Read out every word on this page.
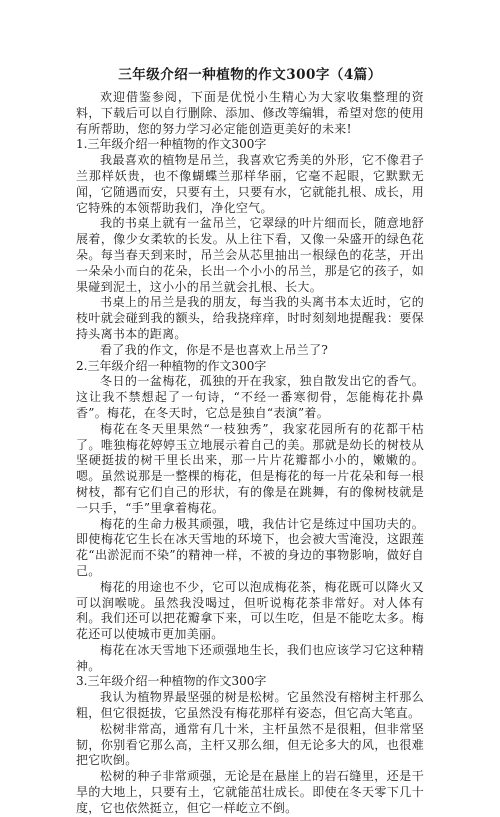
三年级介绍一种植物的作文300字（4篇）

欢迎借鉴参阅，下面是优悦小生精心为大家收集整理的资料，下载后可以自行删除、添加、修改等编辑，希望对您的使用有所帮助，您的努力学习必定能创造更美好的未来!

1.三年级介绍一种植物的作文300字

我最喜欢的植物是吊兰，我喜欢它秀美的外形，它不像君子兰那样妖贵，也不像蝴蝶兰那样华丽，它毫不起眼，它默默无闻，它随遇而安，只要有土，只要有水，它就能扎根、成长，用它特殊的本领帮助我们，净化空气。

我的书桌上就有一盆吊兰，它翠绿的叶片细而长，随意地舒展着，像少女柔软的长发。从上往下看，又像一朵盛开的绿色花朵。每当春天到来时，吊兰会从芯里抽出一根绿色的花茎，开出一朵朵小而白的花朵，长出一个小小的吊兰，那是它的孩子，如果碰到泥土，这小小的吊兰就会扎根、长大。

书桌上的吊兰是我的朋友，每当我的头离书本太近时，它的枝叶就会碰到我的额头，给我挠痒痒，时时刻刻地提醒我：要保持头离书本的距离。

看了我的作文，你是不是也喜欢上吊兰了?

2.三年级介绍一种植物的作文300字

冬日的一盆梅花，孤独的开在我家，独自散发出它的香气。这让我不禁想起了一句诗，“不经一番寒彻骨，怎能梅花扑鼻香”。梅花，在冬天时，它总是独自“表演”着。

梅花在冬天里果然“一枝独秀”，我家花园所有的花都干枯了。唯独梅花婷婷玉立地展示着自己的美。那就是幼长的树枝从坚硬挺拔的树干里长出来，那一片片花瓣都小小的，嫩嫩的。嗯。虽然说那是一整棵的梅花，但是梅花的每一片花朵和每一根树枝，都有它们自己的形状，有的像是在跳舞，有的像树枝就是一只手，“手”里拿着梅花。

梅花的生命力极其顽强，哦，我估计它是练过中国功夫的。即使梅花它生长在冰天雪地的环境下，也会被大雪淹没，这跟莲花“出淤泥而不染”的精神一样，不被的身边的事物影响，做好自己。

梅花的用途也不少，它可以泡成梅花茶，梅花既可以降火又可以润喉咙。虽然我没喝过，但听说梅花茶非常好。对人体有利。我们还可以把花瓣拿下来，可以生吃，但是不能吃太多。梅花还可以使城市更加美丽。

梅花在冰天雪地下还顽强地生长，我们也应该学习它这种精神。

3.三年级介绍一种植物的作文300字

我认为植物界最坚强的树是松树。它虽然没有榕树主杆那么粗，但它很挺拔，它虽然没有梅花那样有姿态，但它高大笔直。

松树非常高，通常有几十米，主杆虽然不是很粗，但非常坚韧，你别看它那么高，主杆又那么细，但无论多大的风，也很难把它吹倒。

松树的种子非常顽强，无论是在悬崖上的岩石缝里，还是干旱的大地上，只要有土，它就能茁壮成长。即使在冬天零下几十度，它也依然挺立，但它一样屹立不倒。
